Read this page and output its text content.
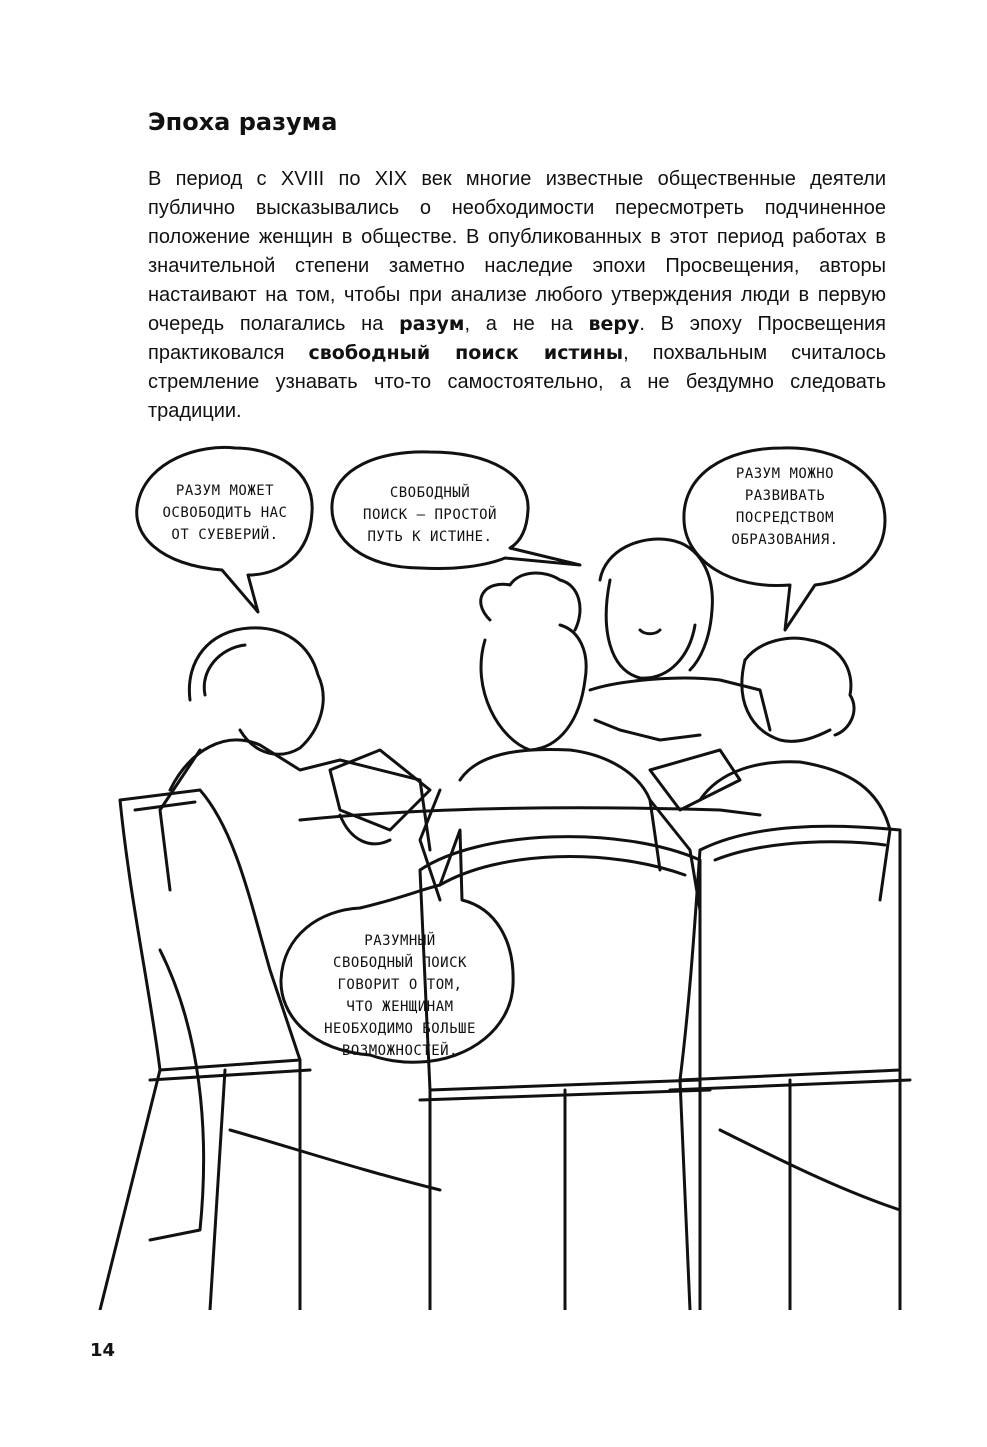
Эпоха разума

В период с XVIII по XIX век многие известные общественные деятели публично высказывались о необходимости пересмотреть подчиненное положение женщин в обществе. В опубликованных в этот период работах в значительной степени заметно наследие эпохи Просвещения, авторы настаивают на том, чтобы при анализе любого утверждения люди в первую очередь полагались на разум, а не на веру. В эпоху Просвещения практиковался свободный поиск истины, похвальным считалось стремление узнавать что-то самостоятельно, а не бездумно следовать традиции.

РАЗУМ МОЖЕТ
ОСВОБОДИТЬ НАС
ОТ СУЕВЕРИЙ.
СВОБОДНЫЙ
ПОИСК — ПРОСТОЙ
ПУТЬ К ИСТИНЕ.
РАЗУМ МОЖНО
РАЗВИВАТЬ
ПОСРЕДСТВОМ
ОБРАЗОВАНИЯ.
РАЗУМНЫЙ
СВОБОДНЫЙ ПОИСК
ГОВОРИТ О ТОМ,
ЧТО ЖЕНЩИНАМ
НЕОБХОДИМО БОЛЬШЕ
ВОЗМОЖНОСТЕЙ.
14
